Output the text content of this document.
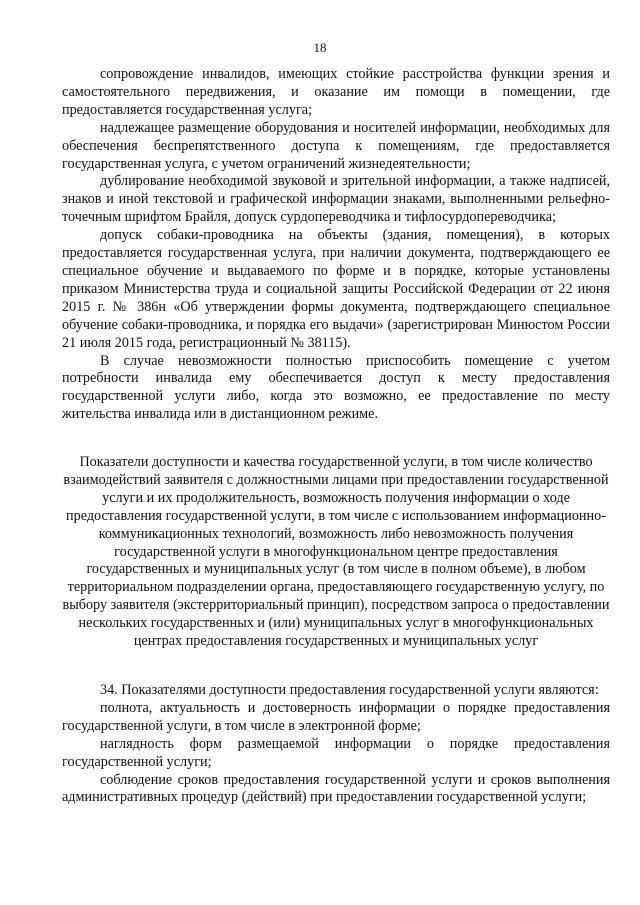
18

сопровождение инвалидов, имеющих стойкие расстройства функции зрения и самостоятельного передвижения, и оказание им помощи в помещении, где предоставляется государственная услуга;

надлежащее размещение оборудования и носителей информации, необходимых для обеспечения беспрепятственного доступа к помещениям, где предоставляется государственная услуга, с учетом ограничений жизнедеятельности;

дублирование необходимой звуковой и зрительной информации, а также надписей, знаков и иной текстовой и графической информации знаками, выполненными рельефно-точечным шрифтом Брайля, допуск сурдопереводчика и тифлосурдопереводчика;

допуск собаки-проводника на объекты (здания, помещения), в которых предоставляется государственная услуга, при наличии документа, подтверждающего ее специальное обучение и выдаваемого по форме и в порядке, которые установлены приказом Министерства труда и социальной защиты Российской Федерации от 22 июня 2015 г. № 386н «Об утверждении формы документа, подтверждающего специальное обучение собаки-проводника, и порядка его выдачи» (зарегистрирован Минюстом России 21 июля 2015 года, регистрационный № 38115).

В случае невозможности полностью приспособить помещение с учетом потребности инвалида ему обеспечивается доступ к месту предоставления государственной услуги либо, когда это возможно, ее предоставление по месту жительства инвалида или в дистанционном режиме.

Показатели доступности и качества государственной услуги, в том числе количество взаимодействий заявителя с должностными лицами при предоставлении государственной услуги и их продолжительность, возможность получения информации о ходе предоставления государственной услуги, в том числе с использованием информационно-коммуникационных технологий, возможность либо невозможность получения государственной услуги в многофункциональном центре предоставления государственных и муниципальных услуг (в том числе в полном объеме), в любом территориальном подразделении органа, предоставляющего государственную услугу, по выбору заявителя (экстерриториальный принцип), посредством запроса о предоставлении нескольких государственных и (или) муниципальных услуг в многофункциональных центрах предоставления государственных и муниципальных услуг

34. Показателями доступности предоставления государственной услуги являются:

полнота, актуальность и достоверность информации о порядке предоставления государственной услуги, в том числе в электронной форме;

наглядность форм размещаемой информации о порядке предоставления государственной услуги;

соблюдение сроков предоставления государственной услуги и сроков выполнения административных процедур (действий) при предоставлении государственной услуги;
